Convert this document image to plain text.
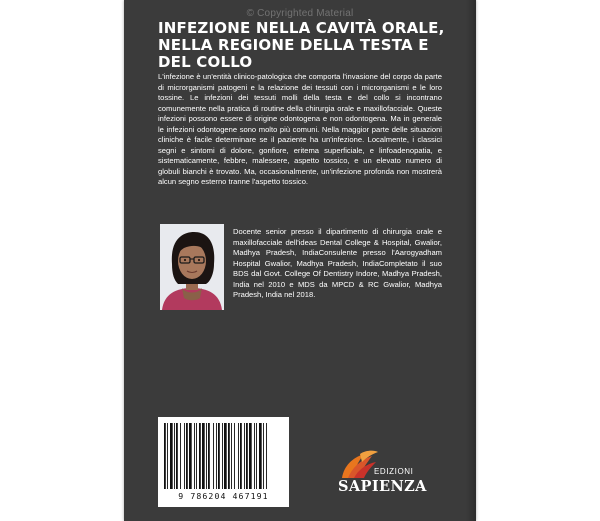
© Copyrighted Material
INFEZIONE NELLA CAVITÀ ORALE,
NELLA REGIONE DELLA TESTA E
DEL COLLO

L'infezione è un'entità clinico-patologica che comporta l'invasione del corpo da parte di microrganismi patogeni e la relazione dei tessuti con i microrganismi e le loro tossine. Le infezioni dei tessuti molli della testa e del collo si incontrano comunemente nella pratica di routine della chirurgia orale e maxillofacciale. Queste infezioni possono essere di origine odontogena e non odontogena. Ma in generale le infezioni odontogene sono molto più comuni. Nella maggior parte delle situazioni cliniche è facile determinare se il paziente ha un'infezione. Localmente, i classici segni e sintomi di dolore, gonfiore, eritema superficiale, e linfoadenopatia, e sistematicamente, febbre, malessere, aspetto tossico, e un elevato numero di globuli bianchi è trovato. Ma, occasionalmente, un'infezione profonda non mostrerà alcun segno esterno tranne l'aspetto tossico.

Docente senior presso il dipartimento di chirurgia orale e maxillofacciale dell'ideas Dental College & Hospital, Gwalior, Madhya Pradesh, IndiaConsulente presso l'Aarogyadham Hospital Gwalior, Madhya Pradesh, IndiaCompletato il suo BDS dal Govt. College Of Dentistry Indore, Madhya Pradesh, India nel 2010 e MDS da MPCD & RC Gwalior, Madhya Pradesh, India nel 2018.

9 786204 467191
EDIZIONI
SAPIENZA
